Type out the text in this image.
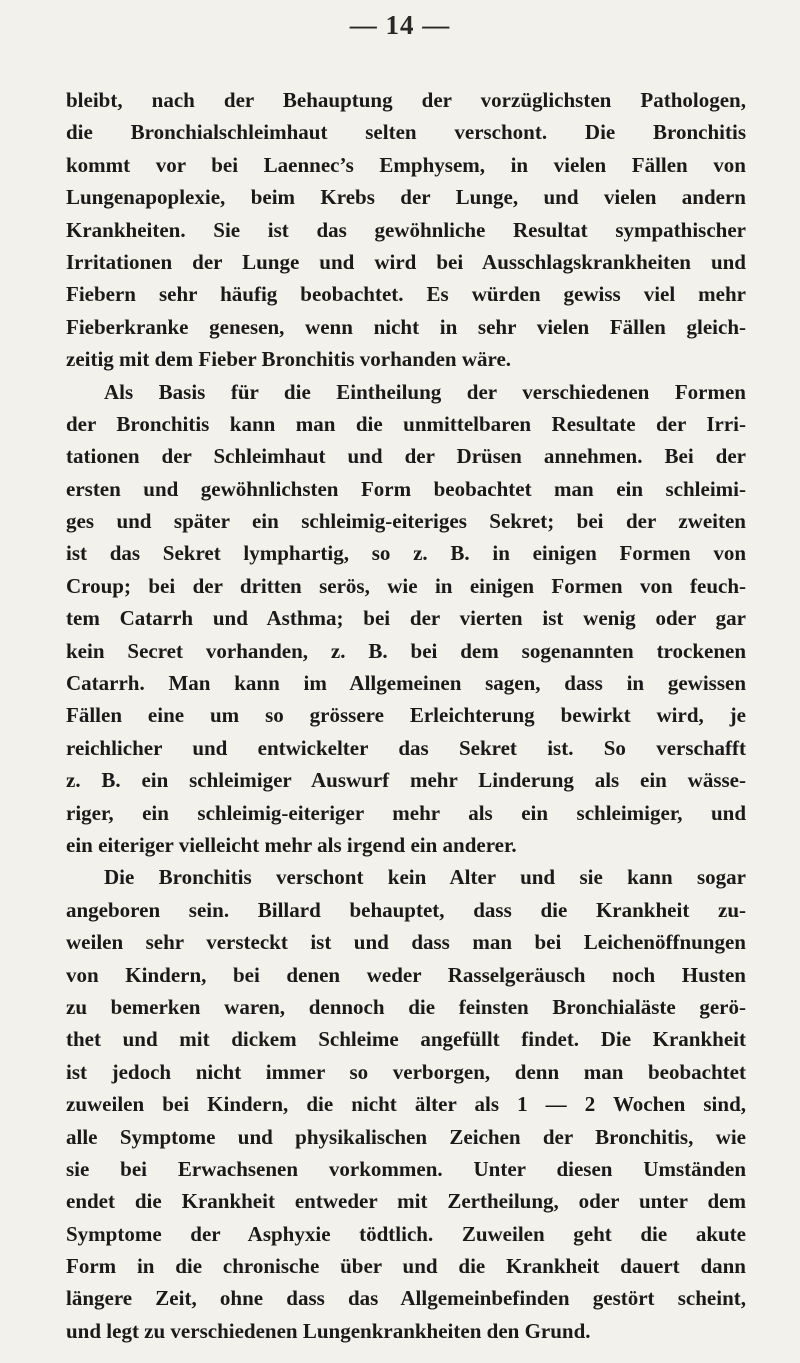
— 14 —
bleibt, nach der Behauptung der vorzüglichsten Pathologen,
die Bronchialschleimhaut selten verschont. Die Bronchitis
kommt vor bei Laennec’s Emphysem, in vielen Fällen von
Lungenapoplexie, beim Krebs der Lunge, und vielen andern
Krankheiten. Sie ist das gewöhnliche Resultat sympathischer
Irritationen der Lunge und wird bei Ausschlagskrankheiten und
Fiebern sehr häufig beobachtet. Es würden gewiss viel mehr
Fieberkranke genesen, wenn nicht in sehr vielen Fällen gleich-
zeitig mit dem Fieber Bronchitis vorhanden wäre.
Als Basis für die Eintheilung der verschiedenen Formen
der Bronchitis kann man die unmittelbaren Resultate der Irri-
tationen der Schleimhaut und der Drüsen annehmen. Bei der
ersten und gewöhnlichsten Form beobachtet man ein schleimi-
ges und später ein schleimig-eiteriges Sekret; bei der zweiten
ist das Sekret lymphartig, so z. B. in einigen Formen von
Croup; bei der dritten serös, wie in einigen Formen von feuch-
tem Catarrh und Asthma; bei der vierten ist wenig oder gar
kein Secret vorhanden, z. B. bei dem sogenannten trockenen
Catarrh. Man kann im Allgemeinen sagen, dass in gewissen
Fällen eine um so grössere Erleichterung bewirkt wird, je
reichlicher und entwickelter das Sekret ist. So verschafft
z. B. ein schleimiger Auswurf mehr Linderung als ein wässe-
riger, ein schleimig-eiteriger mehr als ein schleimiger, und
ein eiteriger vielleicht mehr als irgend ein anderer.
Die Bronchitis verschont kein Alter und sie kann sogar
angeboren sein. Billard behauptet, dass die Krankheit zu-
weilen sehr versteckt ist und dass man bei Leichenöffnungen
von Kindern, bei denen weder Rasselgeräusch noch Husten
zu bemerken waren, dennoch die feinsten Bronchialäste gerö-
thet und mit dickem Schleime angefüllt findet. Die Krankheit
ist jedoch nicht immer so verborgen, denn man beobachtet
zuweilen bei Kindern, die nicht älter als 1 — 2 Wochen sind,
alle Symptome und physikalischen Zeichen der Bronchitis, wie
sie bei Erwachsenen vorkommen. Unter diesen Umständen
endet die Krankheit entweder mit Zertheilung, oder unter dem
Symptome der Asphyxie tödtlich. Zuweilen geht die akute
Form in die chronische über und die Krankheit dauert dann
längere Zeit, ohne dass das Allgemeinbefinden gestört scheint,
und legt zu verschiedenen Lungenkrankheiten den Grund.
